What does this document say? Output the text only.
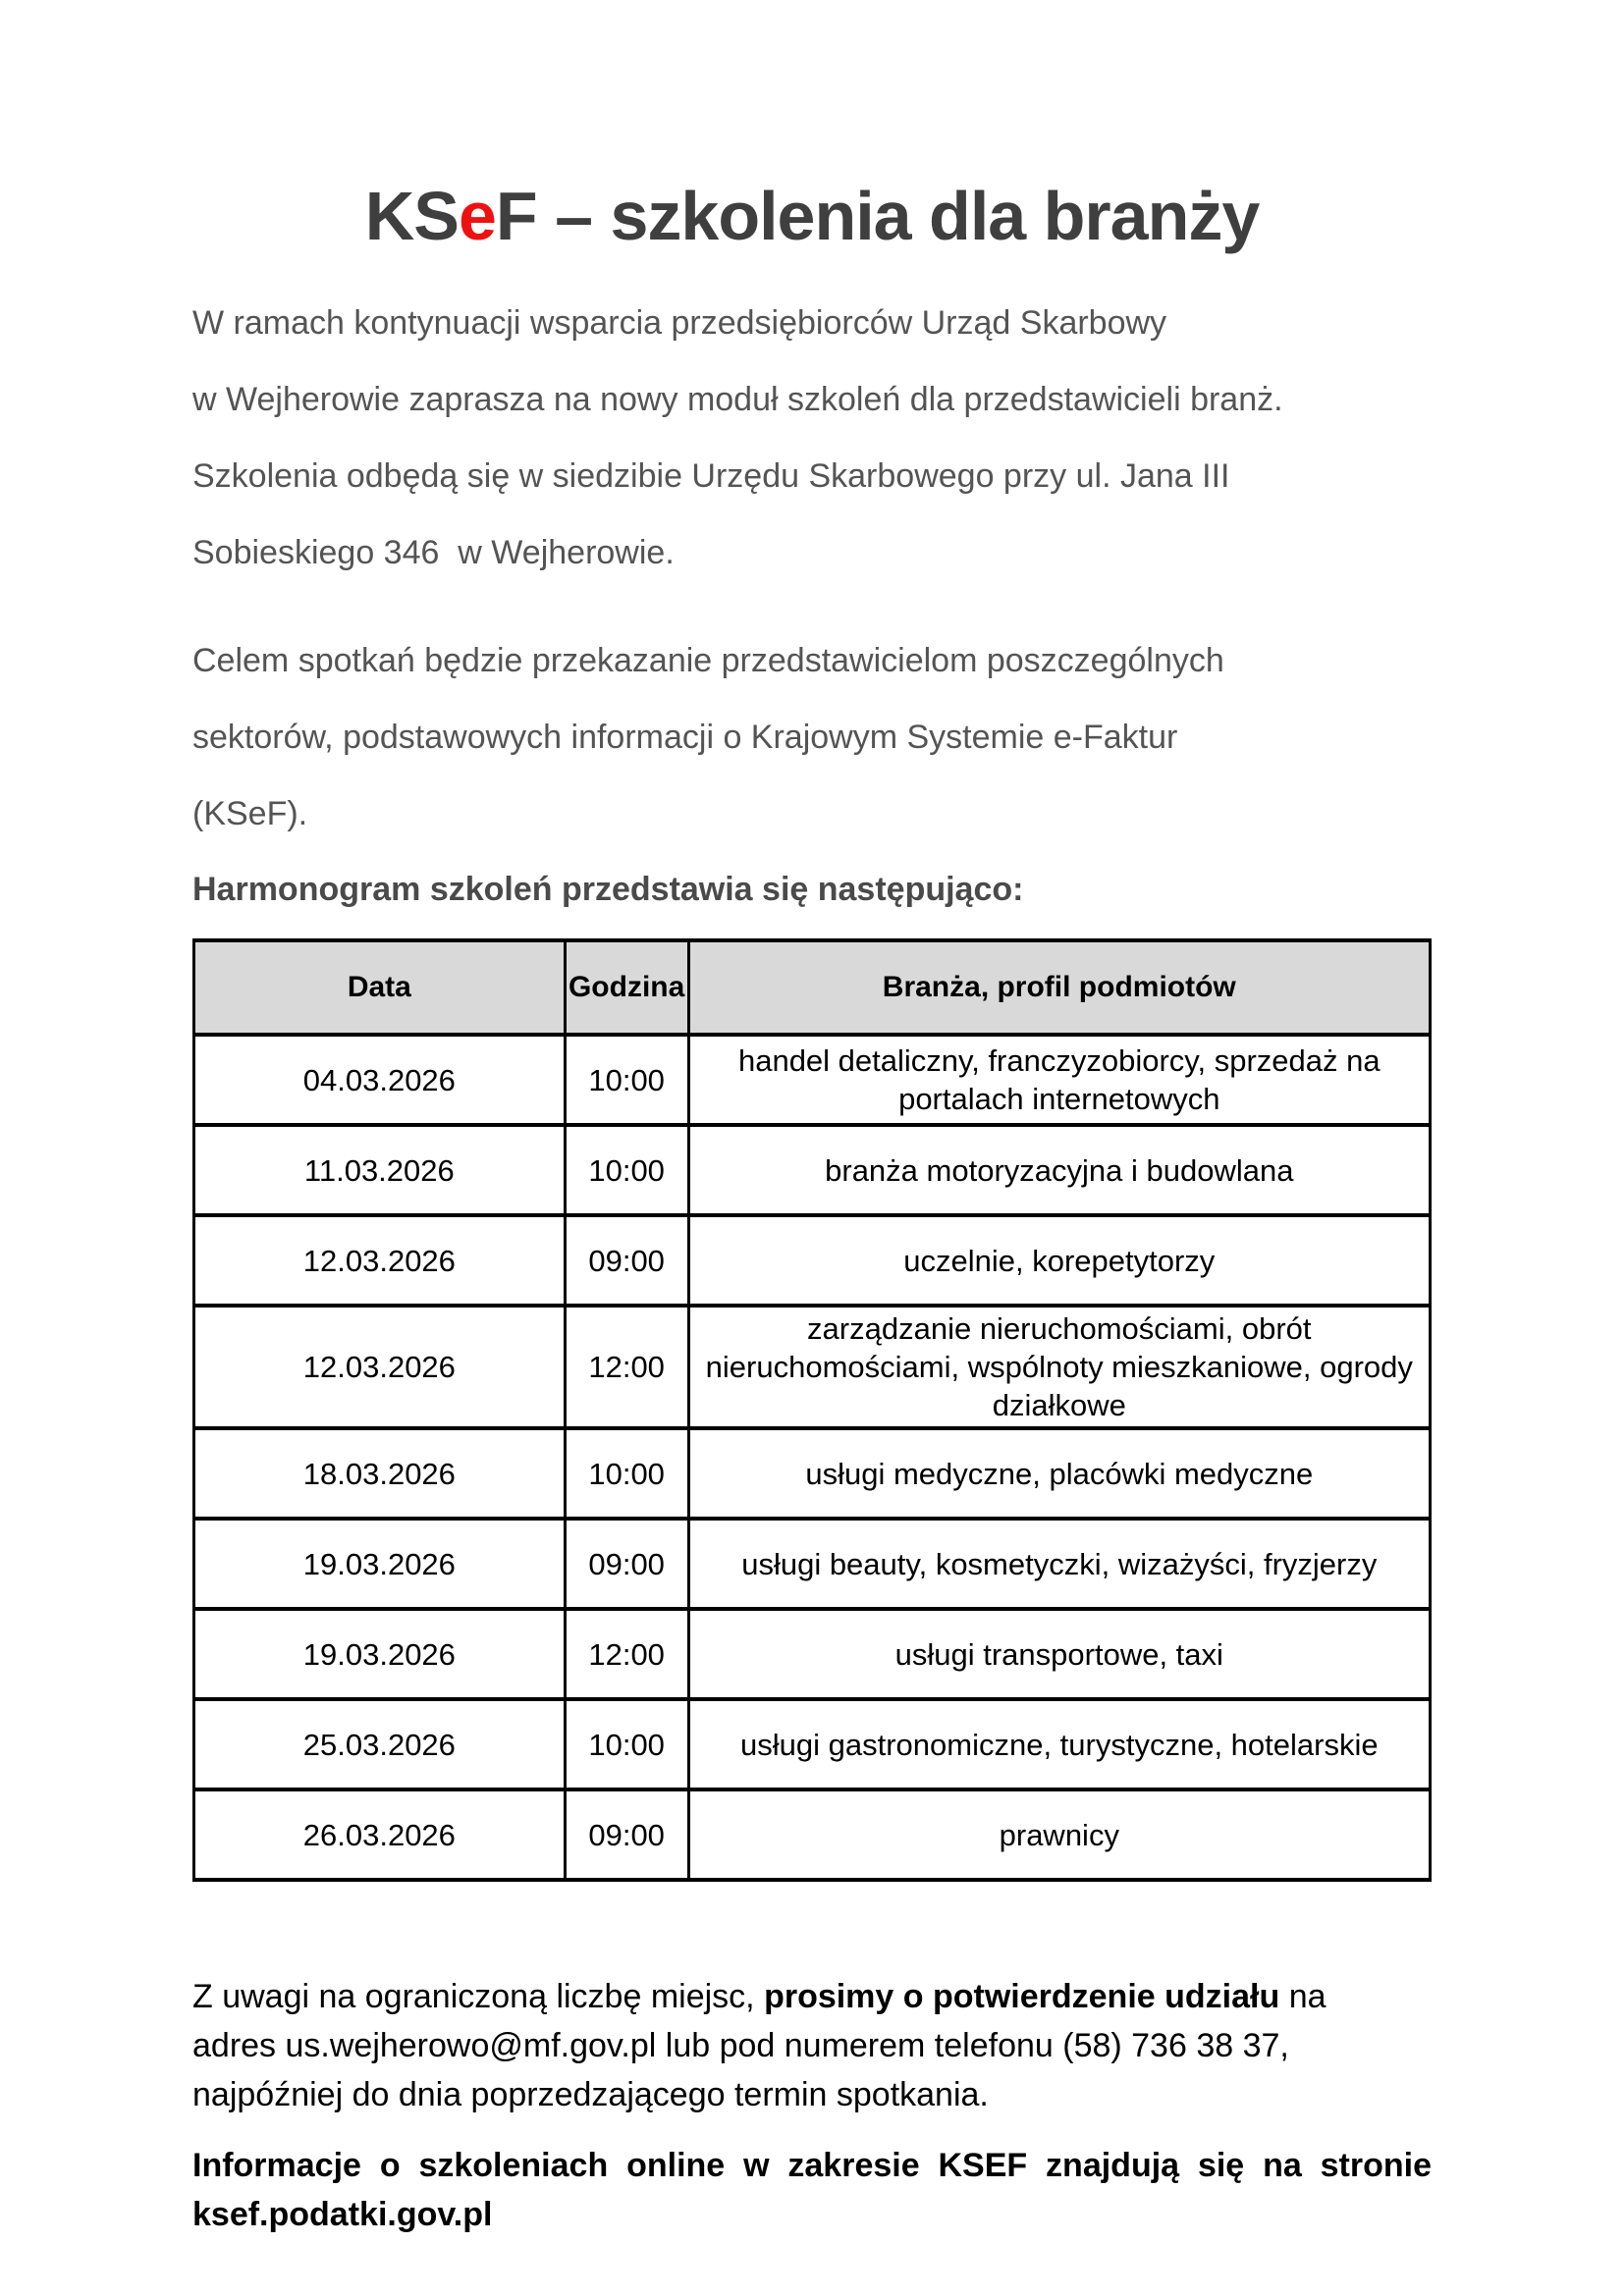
KSeF – szkolenia dla branży
W ramach kontynuacji wsparcia przedsiębiorców Urząd Skarbowy
w Wejherowie zaprasza na nowy moduł szkoleń dla przedstawicieli branż.
Szkolenia odbędą się w siedzibie Urzędu Skarbowego przy ul. Jana III
Sobieskiego 346  w Wejherowie.
Celem spotkań będzie przekazanie przedstawicielom poszczególnych
sektorów, podstawowych informacji o Krajowym Systemie e-Faktur
(KSeF).
Harmonogram szkoleń przedstawia się następująco:
Data	Godzina	Branża, profil podmiotów
04.03.2026	10:00	handel detaliczny, franczyzobiorcy, sprzedaż na portalach internetowych
11.03.2026	10:00	branża motoryzacyjna i budowlana
12.03.2026	09:00	uczelnie, korepetytorzy
12.03.2026	12:00	zarządzanie nieruchomościami, obrót nieruchomościami, wspólnoty mieszkaniowe, ogrody działkowe
18.03.2026	10:00	usługi medyczne, placówki medyczne
19.03.2026	09:00	usługi beauty, kosmetyczki, wizażyści, fryzjerzy
19.03.2026	12:00	usługi transportowe, taxi
25.03.2026	10:00	usługi gastronomiczne, turystyczne, hotelarskie
26.03.2026	09:00	prawnicy
Z uwagi na ograniczoną liczbę miejsc, prosimy o potwierdzenie udziału na
adres us.wejherowo@mf.gov.pl lub pod numerem telefonu (58) 736 38 37,
najpóźniej do dnia poprzedzającego termin spotkania.
Informacje o szkoleniach online w zakresie KSEF znajdują się na stronie
ksef.podatki.gov.pl
